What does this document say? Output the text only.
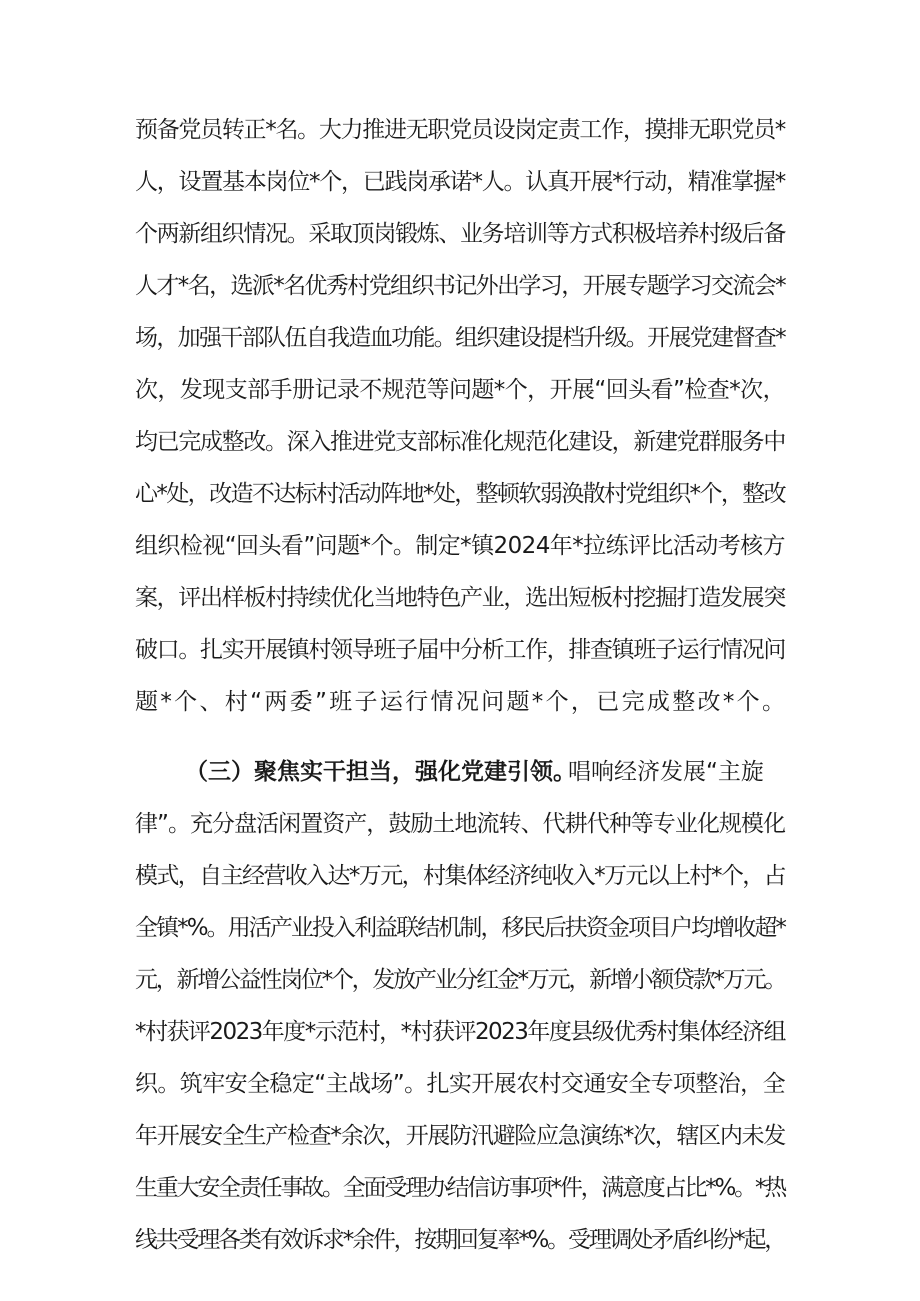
预备党员转正*名。大力推进无职党员设岗定责工作，摸排无职党员*
人，设置基本岗位*个，已践岗承诺*人。认真开展*行动，精准掌握*
个两新组织情况。采取顶岗锻炼、业务培训等方式积极培养村级后备
人才*名，选派*名优秀村党组织书记外出学习，开展专题学习交流会*
场，加强干部队伍自我造血功能。组织建设提档升级。开展党建督查*
次，发现支部手册记录不规范等问题*个，开展“回头看”检查*次，
均已完成整改。深入推进党支部标准化规范化建设，新建党群服务中
心*处，改造不达标村活动阵地*处，整顿软弱涣散村党组织*个，整改
组织检视“回头看”问题*个。制定*镇2024年*拉练评比活动考核方
案，评出样板村持续优化当地特色产业，选出短板村挖掘打造发展突
破口。扎实开展镇村领导班子届中分析工作，排查镇班子运行情况问
题*个、村“两委”班子运行情况问题*个，已完成整改*个。
（三）聚焦实干担当，强化党建引领。
唱响经济发展“主旋
律”。充分盘活闲置资产，鼓励土地流转、代耕代种等专业化规模化
模式，自主经营收入达*万元，村集体经济纯收入*万元以上村*个，占
全镇*%。用活产业投入利益联结机制，移民后扶资金项目户均增收超*
元，新增公益性岗位*个，发放产业分红金*万元，新增小额贷款*万元。
*村获评2023年度*示范村，*村获评2023年度县级优秀村集体经济组
织。筑牢安全稳定“主战场”。扎实开展农村交通安全专项整治，全
年开展安全生产检查*余次，开展防汛避险应急演练*次，辖区内未发
生重大安全责任事故。全面受理办结信访事项*件，满意度占比*%。*热
线共受理各类有效诉求*余件，按期回复率*%。受理调处矛盾纠纷*起，
